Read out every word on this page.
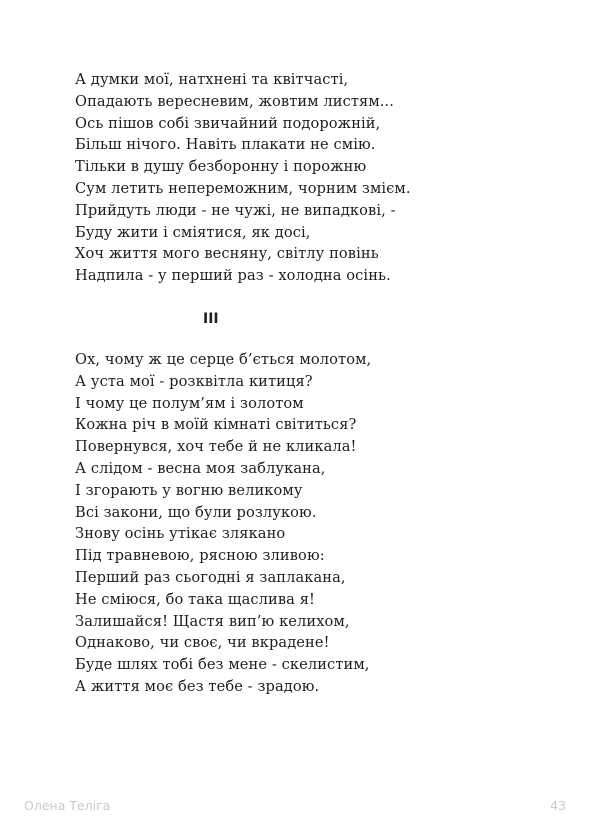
А думки мої, натхнені та квітчасті,
Опадають вересневим, жовтим листям...
Ось пішов собі звичайний подорожній,
Більш нічого. Навіть плакати не смію.
Тільки в душу безборонну і порожню
Сум летить непереможним, чорним змієм.
Прийдуть люди - не чужі, не випадкові, -
Буду жити і сміятися, як досі,
Хоч життя мого весняну, світлу повінь
Надпила - у перший раз - холодна осінь.
III
Ох, чому ж це серце б’ється молотом,
А уста мої - розквітла китиця?
І чому це полум’ям і золотом
Кожна річ в моїй кімнаті світиться?
Повернувся, хоч тебе й не кликала!
А слідом - весна моя заблукана,
І згорають у вогню великому
Всі закони, що були розлукою.
Знову осінь утікає злякано
Під травневою, рясною зливою:
Перший раз сьогодні я заплакана,
Не сміюся, бо така щаслива я!
Залишайся! Щастя вип’ю келихом,
Однаково, чи своє, чи вкрадене!
Буде шлях тобі без мене - скелистим,
А життя моє без тебе - зрадою.
Олена Теліга	43
